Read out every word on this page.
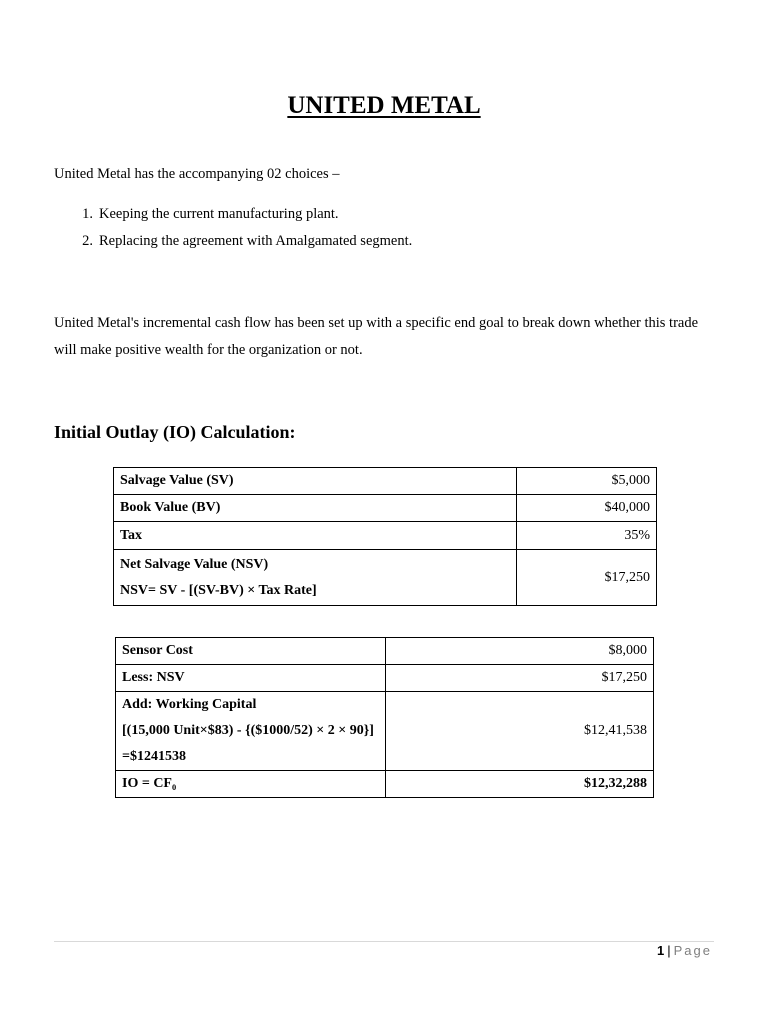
UNITED METAL
United Metal has the accompanying 02 choices –
1. Keeping the current manufacturing plant.
2. Replacing the agreement with Amalgamated segment.
United Metal's incremental cash flow has been set up with a specific end goal to break down whether this trade will make positive wealth for the organization or not.
Initial Outlay (IO) Calculation:
Salvage Value (SV)	$5,000
Book Value (BV)	$40,000
Tax	35%

Net Salvage Value (NSV)
NSV= SV - [(SV-BV) × Tax Rate]	$17,250
Sensor Cost	$8,000
Less: NSV	$17,250

Add: Working Capital
[(15,000 Unit×$83) - {($1000/52) × 2 × 90}] =$1241538	$12,41,538
IO = CF₀	$12,32,288
1 | Page
